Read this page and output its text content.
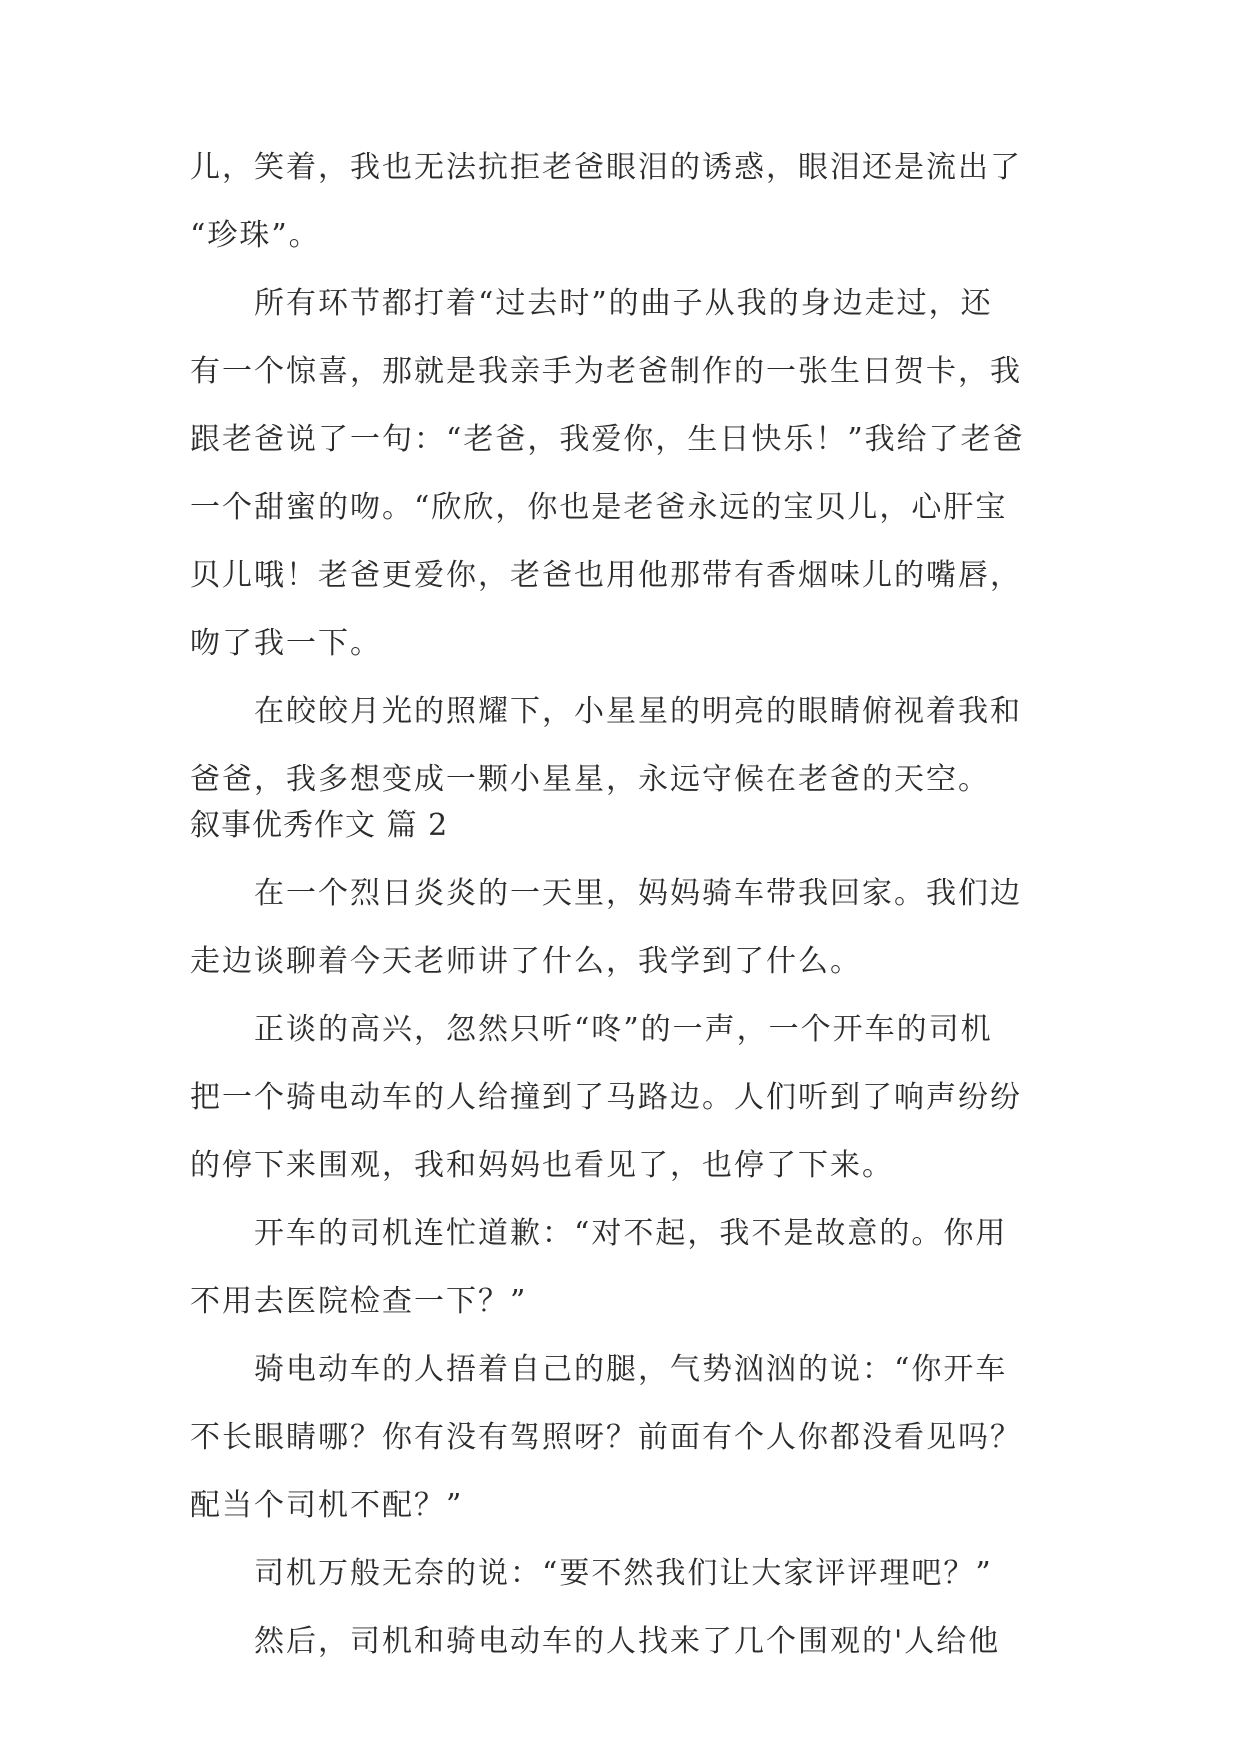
儿，笑着，我也无法抗拒老爸眼泪的诱惑，眼泪还是流出了
“珍珠”。
所有环节都打着“过去时”的曲子从我的身边走过，还
有一个惊喜，那就是我亲手为老爸制作的一张生日贺卡，我
跟老爸说了一句：“老爸，我爱你，生日快乐！”我给了老爸
一个甜蜜的吻。“欣欣，你也是老爸永远的宝贝儿，心肝宝
贝儿哦！老爸更爱你，老爸也用他那带有香烟味儿的嘴唇，
吻了我一下。
在皎皎月光的照耀下，小星星的明亮的眼睛俯视着我和
爸爸，我多想变成一颗小星星，永远守候在老爸的天空。
叙事优秀作文 篇 2
在一个烈日炎炎的一天里，妈妈骑车带我回家。我们边
走边谈聊着今天老师讲了什么，我学到了什么。
正谈的高兴，忽然只听“咚”的一声，一个开车的司机
把一个骑电动车的人给撞到了马路边。人们听到了响声纷纷
的停下来围观，我和妈妈也看见了，也停了下来。
开车的司机连忙道歉：“对不起，我不是故意的。你用
不用去医院检查一下？”
骑电动车的人捂着自己的腿，气势汹汹的说：“你开车
不长眼睛哪？你有没有驾照呀？前面有个人你都没看见吗？
配当个司机不配？”
司机万般无奈的说：“要不然我们让大家评评理吧？”
然后，司机和骑电动车的人找来了几个围观的'人给他
